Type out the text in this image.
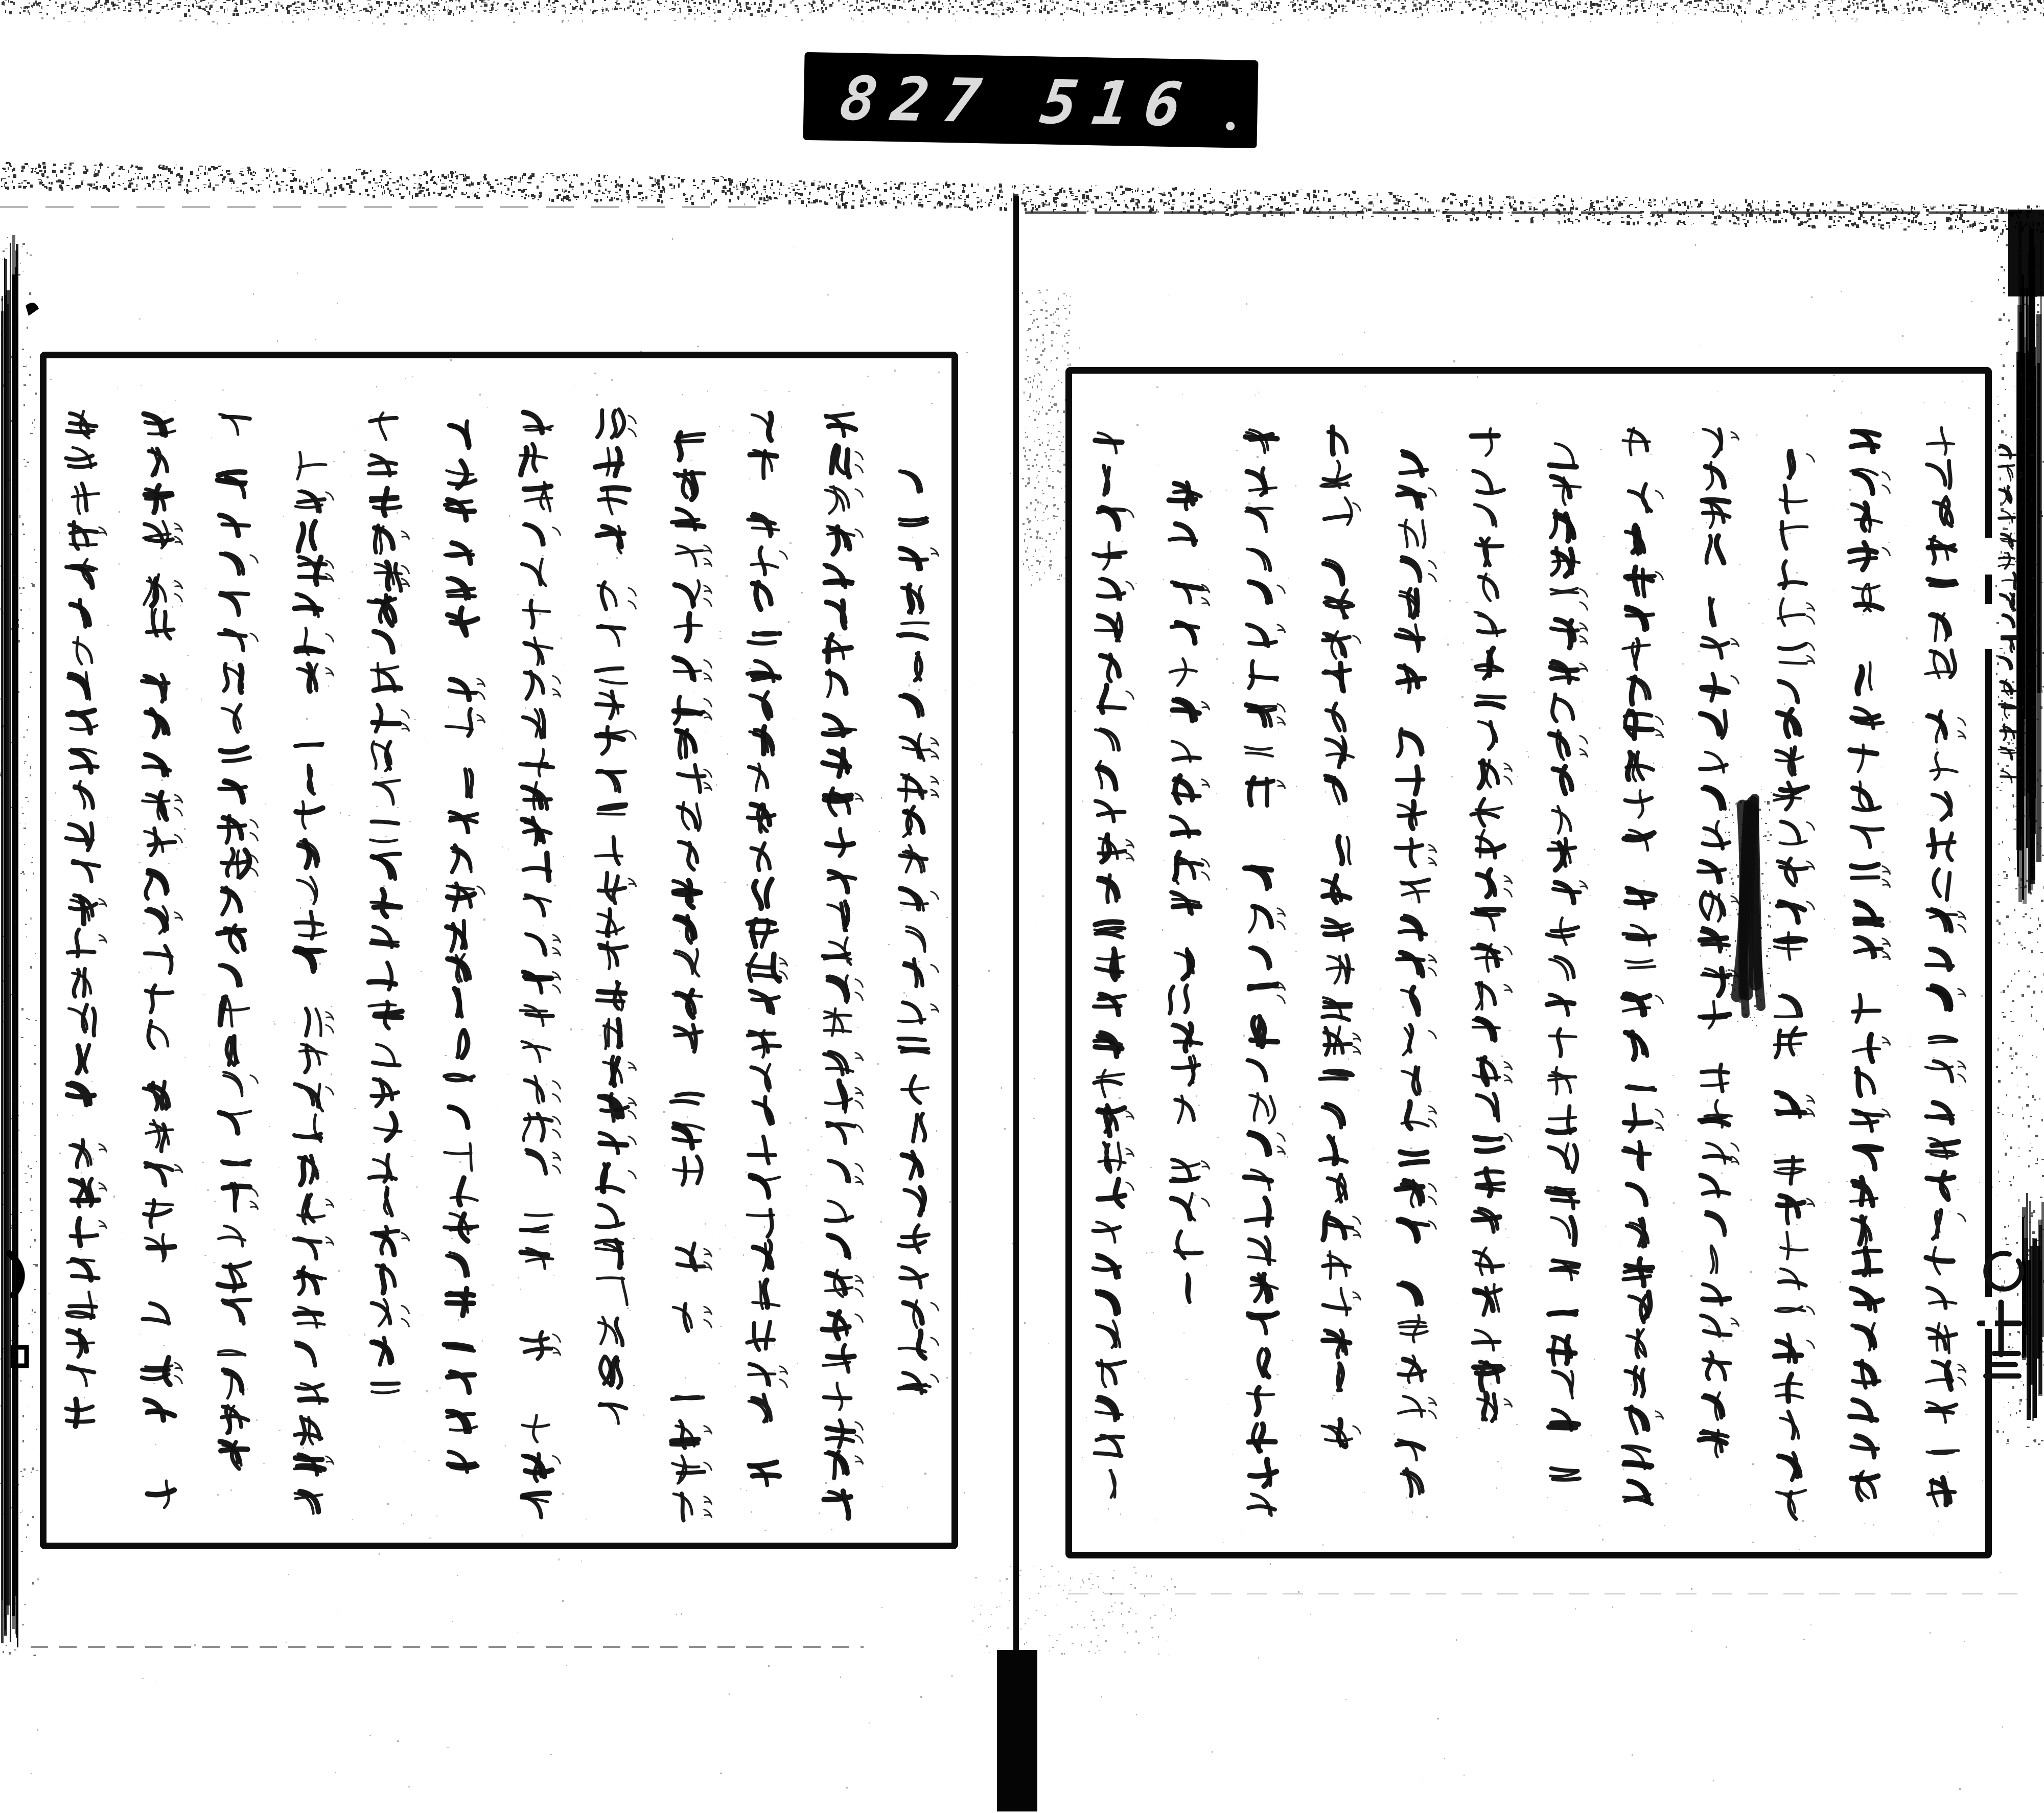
827 516
